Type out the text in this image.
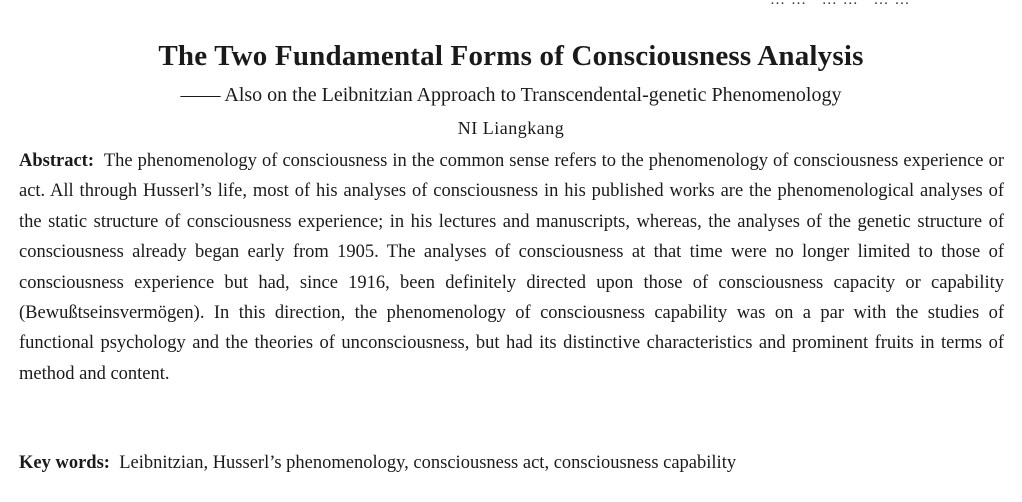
The Two Fundamental Forms of Consciousness Analysis

—— Also on the Leibnitzian Approach to Transcendental-genetic Phenomenology

NI Liangkang

Abstract: The phenomenology of consciousness in the common sense refers to the phenomenology of consciousness experience or act. All through Husserl’s life, most of his analyses of consciousness in his published works are the phenomenological analyses of the static structure of consciousness experience; in his lectures and manuscripts, whereas, the analyses of the genetic structure of consciousness already began early from 1905. The analyses of consciousness at that time were no longer limited to those of consciousness experience but had, since 1916, been definitely directed upon those of consciousness capacity or capability (Bewußtseinsvermögen). In this direction, the phenomenology of consciousness capability was on a par with the studies of functional psychology and the theories of unconsciousness, but had its distinctive characteristics and prominent fruits in terms of method and content.

Key words: Leibnitzian, Husserl’s phenomenology, consciousness act, consciousness capability
